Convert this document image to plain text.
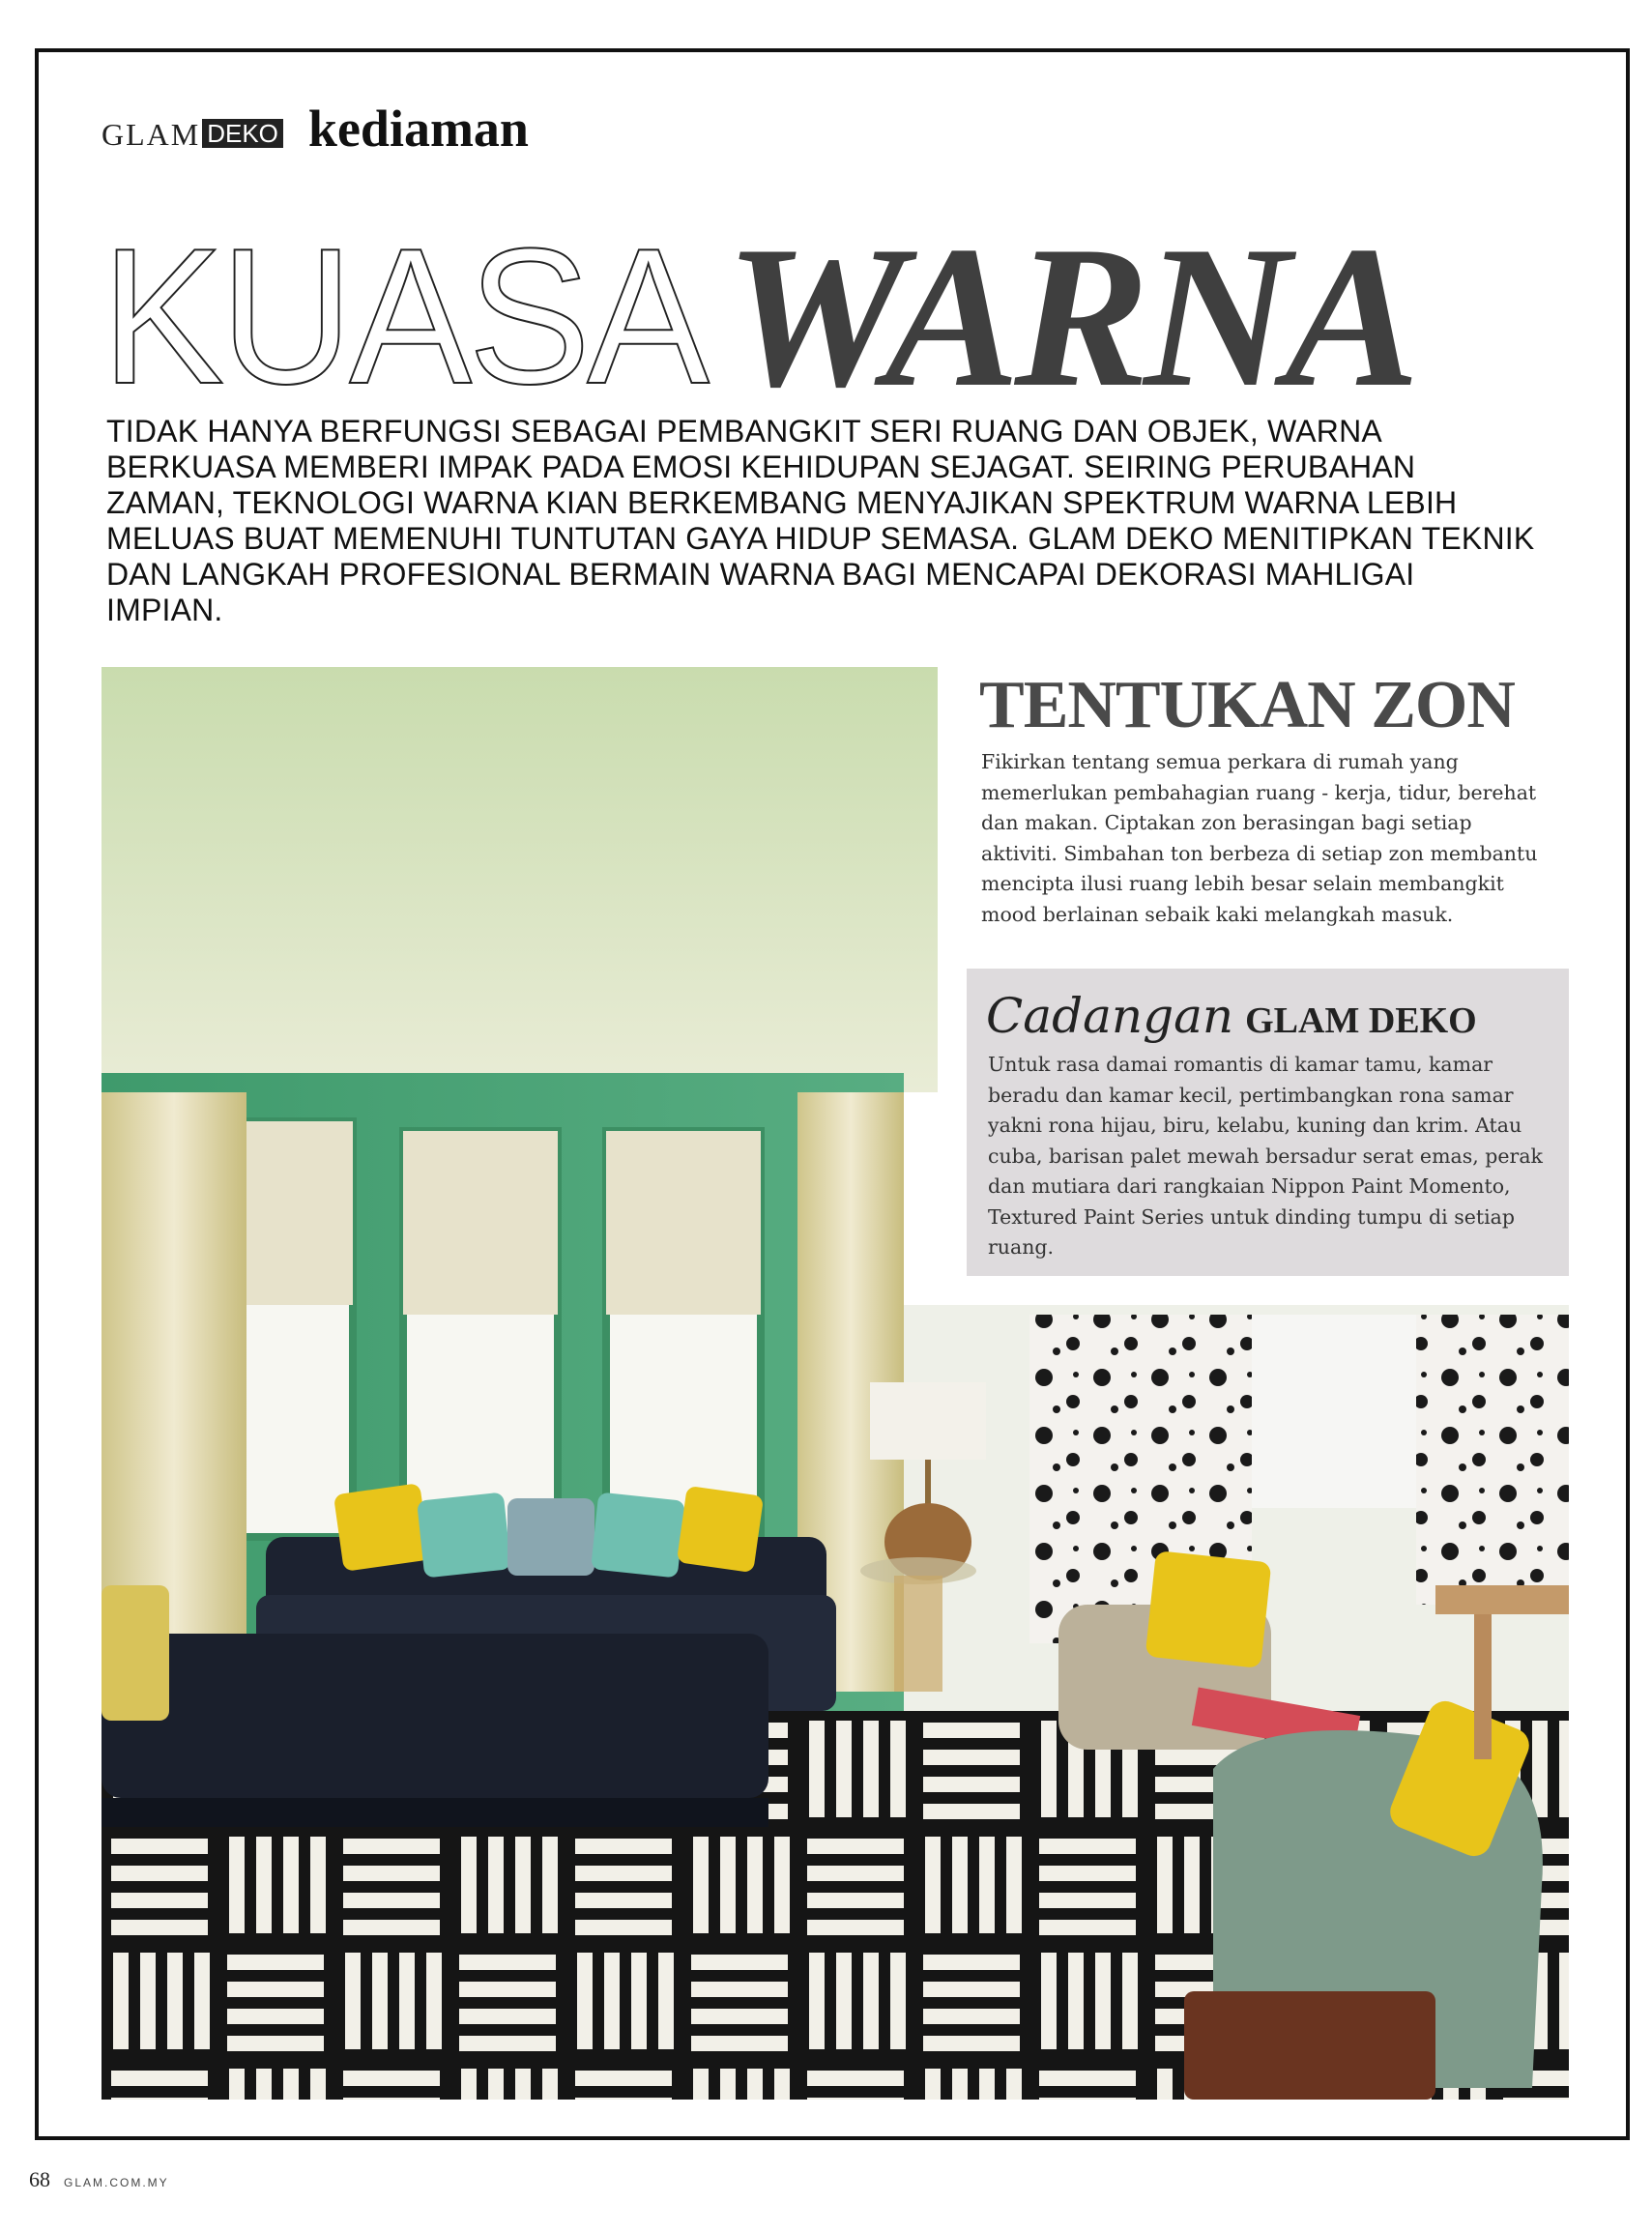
GLAM DEKO kediaman
KUASA WARNA
TIDAK HANYA BERFUNGSI SEBAGAI PEMBANGKIT SERI RUANG DAN OBJEK, WARNA BERKUASA MEMBERI IMPAK PADA EMOSI KEHIDUPAN SEJAGAT. SEIRING PERUBAHAN ZAMAN, TEKNOLOGI WARNA KIAN BERKEMBANG MENYAJIKAN SPEKTRUM WARNA LEBIH MELUAS BUAT MEMENUHI TUNTUTAN GAYA HIDUP SEMASA. GLAM DEKO MENITIPKAN TEKNIK DAN LANGKAH PROFESIONAL BERMAIN WARNA BAGI MENCAPAI DEKORASI MAHLIGAI IMPIAN.
TENTUKAN ZON
Fikirkan tentang semua perkara di rumah yang memerlukan pembahagian ruang - kerja, tidur, berehat dan makan. Ciptakan zon berasingan bagi setiap aktiviti. Simbahan ton berbeza di setiap zon membantu mencipta ilusi ruang lebih besar selain membangkit mood berlainan sebaik kaki melangkah masuk.
Cadangan GLAM DEKO
Untuk rasa damai romantis di kamar tamu, kamar beradu dan kamar kecil, pertimbangkan rona samar yakni rona hijau, biru, kelabu, kuning dan krim. Atau cuba, barisan palet mewah bersadur serat emas, perak dan mutiara dari rangkaian Nippon Paint Momento, Textured Paint Series untuk dinding tumpu di setiap ruang.
68 GLAM.COM.MY
